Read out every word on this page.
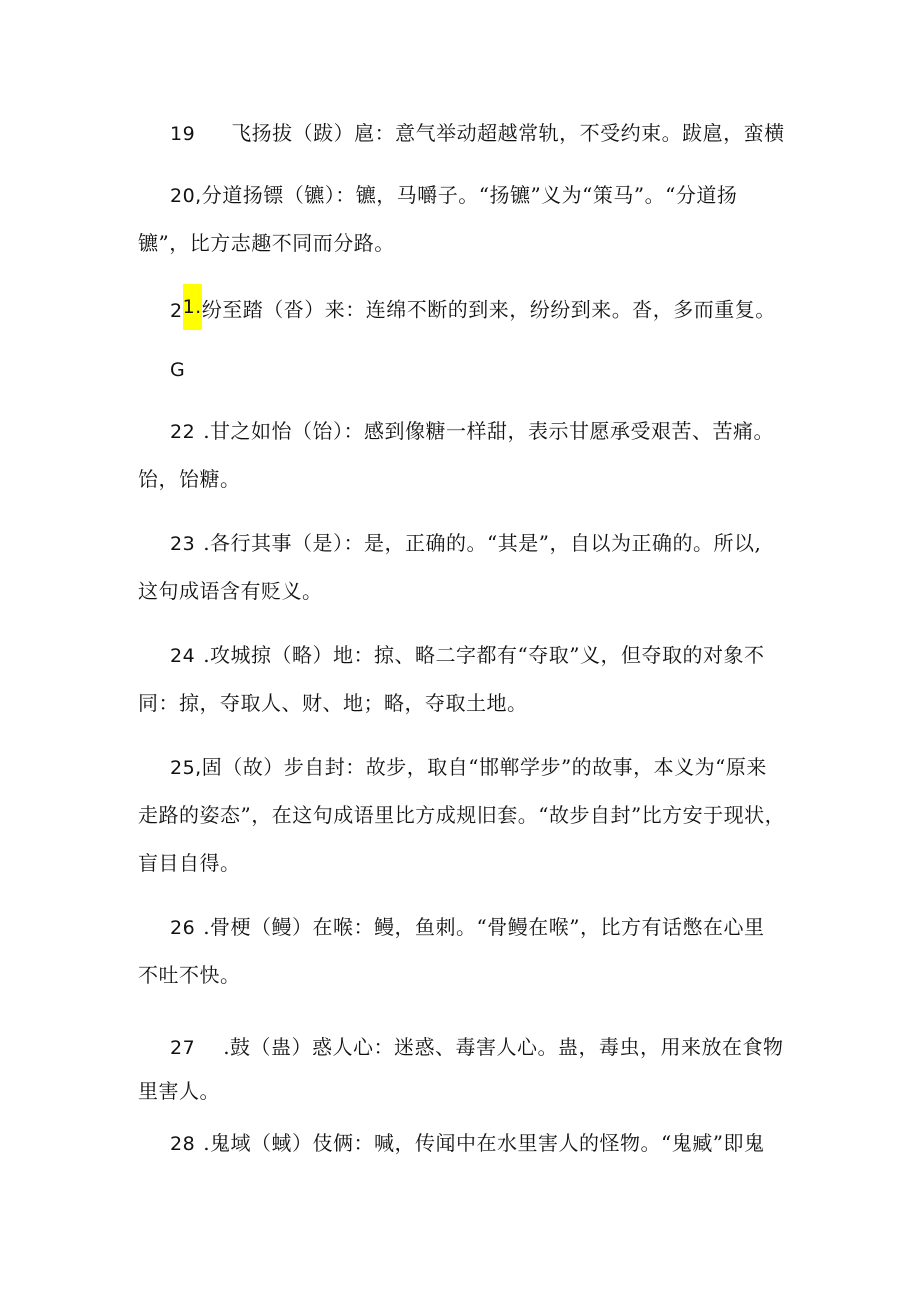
19 飞扬拔（跋）扈：意气举动超越常轨，不受约束。跋扈，蛮横
20,分道扬镖（镳）：镳，马嚼子。“扬镳”义为“策马”。“分道扬
镳”，比方志趣不同而分路。
21.纷至踏（沓）来：连绵不断的到来，纷纷到来。沓，多而重复。
G
22 .甘之如怡（饴）：感到像糖一样甜，表示甘愿承受艰苦、苦痛。
饴，饴糖。
23 .各行其事（是）：是，正确的。“其是”，自以为正确的。所以,
这句成语含有贬义。
24 .攻城掠（略）地：掠、略二字都有“夺取”义，但夺取的对象不
同：掠，夺取人、财、地；略，夺取土地。
25,固（故）步自封：故步，取自“邯郸学步”的故事，本义为“原来
走路的姿态”，在这句成语里比方成规旧套。“故步自封”比方安于现状，
盲目自得。
26 .骨梗（鳗）在喉：鳗，鱼刺。“骨鳗在喉”，比方有话憋在心里
不吐不快。
27 .鼓（蛊）惑人心：迷惑、毒害人心。蛊，毒虫，用来放在食物
里害人。
28 .鬼域（蜮）伎俩：喊，传闻中在水里害人的怪物。“鬼臧”即鬼
